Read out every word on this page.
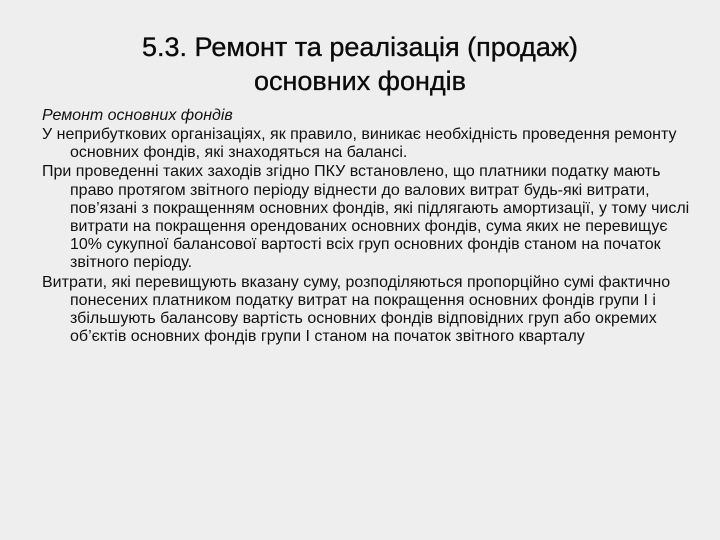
5.3. Ремонт та реалізація (продаж)
основних фондів

Ремонт основних фондів

У неприбуткових організаціях, як правило, виникає необхідність проведення ремонту основних фондів, які знаходяться на балансі.

При проведенні таких заходів згідно ПКУ встановлено, що платники податку мають право протягом звітного періоду віднести до валових витрат будь-які витрати, пов’язані з покращенням основних фондів, які підлягають амортизації, у тому числі витрати на покращення орендованих основних фондів, сума яких не перевищує 10% сукупної балансової вартості всіх груп основних фондів станом на початок звітного періоду.

Витрати, які перевищують вказану суму, розподіляються пропорційно сумі фактично понесених платником податку витрат на покращення основних фондів групи І і збільшують балансову вартість основних фондів відповідних груп або окремих об’єктів основних фондів групи І станом на початок звітного кварталу
